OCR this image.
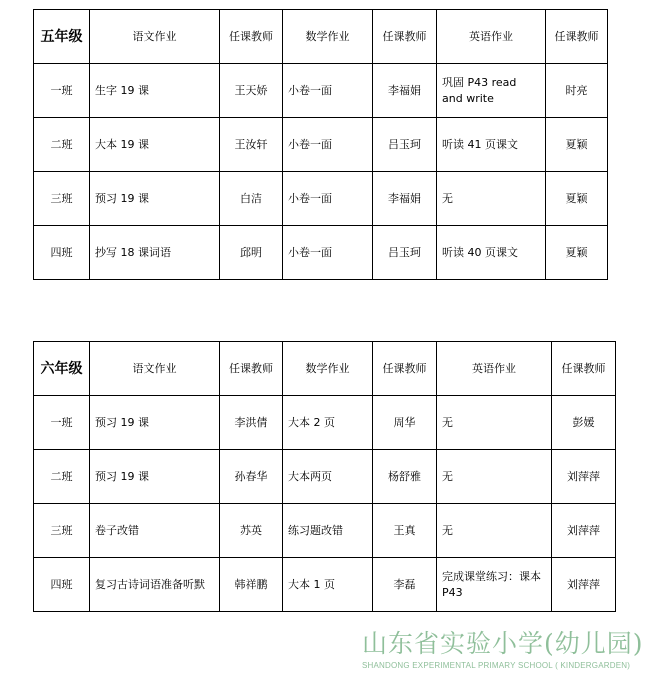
五年级	语文作业	任课教师	数学作业	任课教师	英语作业	任课教师
一班	生字 19 课	王天娇	小卷一面	李福娟	巩固 P43 read and write	时亮
二班	大本 19 课	王汝轩	小卷一面	吕玉珂	听读 41 页课文	夏颖
三班	预习 19 课	白洁	小卷一面	李福娟	无	夏颖
四班	抄写 18 课词语	邱明	小卷一面	吕玉珂	听读 40 页课文	夏颖
六年级	语文作业	任课教师	数学作业	任课教师	英语作业	任课教师
一班	预习 19 课	李洪倩	大本 2 页	周华	无	彭媛
二班	预习 19 课	孙春华	大本两页	杨舒雅	无	刘萍萍
三班	卷子改错	苏英	练习题改错	王真	无	刘萍萍
四班	复习古诗词语准备听默	韩祥鹏	大本 1 页	李磊	完成课堂练习：课本 P43	刘萍萍
山东省实验小学(幼儿园)
SHANDONG EXPERIMENTAL PRIMARY SCHOOL ( KINDERGARDEN)
